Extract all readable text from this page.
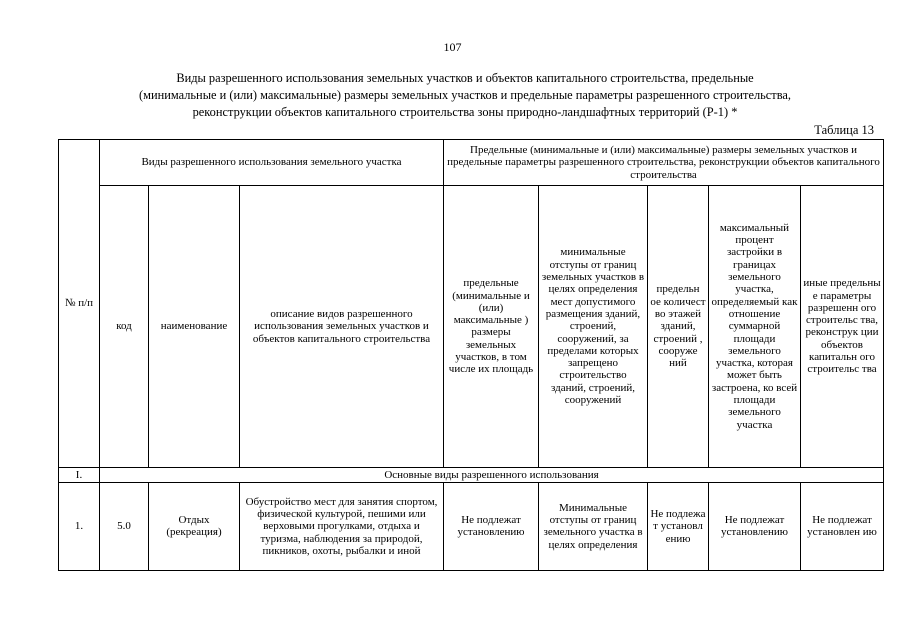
107
Виды разрешенного использования земельных участков и объектов капитального строительства, предельные
(минимальные и (или) максимальные) размеры земельных участков и предельные параметры разрешенного строительства,
реконструкции объектов капитального строительства зоны природно-ландшафтных территорий (Р-1) *
Таблица 13
№ п/п	Виды разрешенного использования земельного участка			Предельные (минимальные и (или) максимальные) размеры земельных участков и предельные параметры разрешенного строительства, реконструкции объектов капитального строительства				
	код	наименование	описание видов разрешенного использования земельных участков и объектов капитального строительства	предельные (минимальные и (или) максимальные ) размеры земельных участков, в том числе их площадь	минимальные отступы от границ земельных участков в целях определения мест допустимого размещения зданий, строений, сооружений, за пределами которых запрещено строительство зданий, строений, сооружений	предельн ое количест во этажей зданий, строений , сооруже ний	максимальный процент застройки в границах земельного участка, определяемый как отношение суммарной площади земельного участка, которая может быть застроена, ко всей площади земельного участка	иные предельны е параметры разрешенн ого строительс тва, реконструк ции объектов капитальн ого строительс тва
I.	Основные виды разрешенного использования							
1.	5.0	Отдых (рекреация)	Обустройство мест для занятия спортом, физической культурой, пешими или верховыми прогулками, отдыха и туризма, наблюдения за природой, пикников, охоты, рыбалки и иной	Не подлежат установлению	Минимальные отступы от границ земельного участка в целях определения	Не подлежа т установл ению	Не подлежат установлению	Не подлежат установлен ию
